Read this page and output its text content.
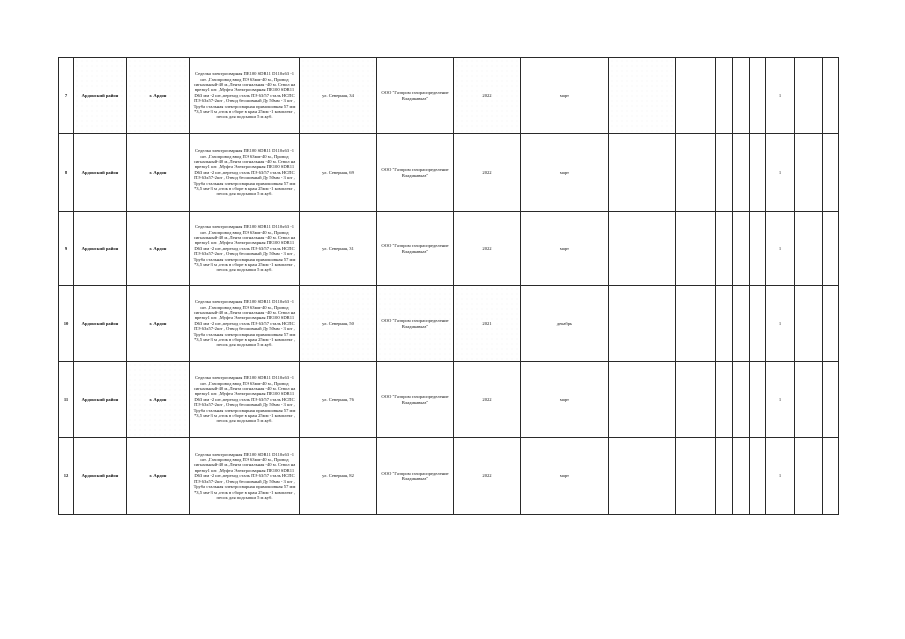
7	Ардонский район	г. Ардон	Седелка электросварная ПЕ100 SDR11 D110x63 -1 шт. ,Газопровод ввод ПЭ 63мм-40 м., Провод сигнальный-40 м.,Лента сигнальная -40 м. Ствол на врезку1 шт. ,Муфта Электросварная ПЕ100 SDR11 D63 мм -2 шт.,переход сталь ПЭ 63/57 сталь НСПС ПЭ 63x57-2шт , Отвод бесшовный Ду 50мм - 3 шт , Труба стальная электросварная прямошовная 57 мм *3,5 мм-3 м ,оток в сборе в кран 25мм -1 комплект , песок для подсыпки 5 м.куб.	ул. Северная, 34	ООО "Газпром газораспределение Владикавказ"	2022	март						1		
8	Ардонский район	г. Ардон	Седелка электросварная ПЕ100 SDR11 D110x63 -1 шт. ,Газопровод ввод ПЭ 63мм-40 м., Провод сигнальный-40 м.,Лента сигнальная -40 м. Ствол на врезку1 шт. ,Муфта Электросварная ПЕ100 SDR11 D63 мм -2 шт.,переход сталь ПЭ 63/57 сталь НСПС ПЭ 63x57-2шт , Отвод бесшовный Ду 50мм - 3 шт , Труба стальная электросварная прямошовная 57 мм *3,5 мм-3 м ,оток в сборе в кран 25мм -1 комплект , песок для подсыпки 5 м.куб.	ул. Северная, 69	ООО "Газпром газораспределение Владикавказ"	2022	март						1		
9	Ардонский район	г. Ардон	Седелка электросварная ПЕ100 SDR11 D110x63 -1 шт. ,Газопровод ввод ПЭ 63мм-40 м., Провод сигнальный-40 м.,Лента сигнальная -40 м. Ствол на врезку1 шт. ,Муфта Электросварная ПЕ100 SDR11 D63 мм -2 шт.,переход сталь ПЭ 63/57 сталь НСПС ПЭ 63x57-2шт , Отвод бесшовный Ду 50мм - 3 шт , Труба стальная электросварная прямошовная 57 мм *3,5 мм-3 м ,оток в сборе в кран 25мм -1 комплект , песок для подсыпки 5 м.куб.	ул. Северная, 31	ООО "Газпром газораспределение Владикавказ"	2022	март						1		
10	Ардонский район	г. Ардон	Седелка электросварная ПЕ100 SDR11 D110x63 -1 шт. ,Газопровод ввод ПЭ 63мм-40 м., Провод сигнальный-40 м.,Лента сигнальная -40 м. Ствол на врезку1 шт. ,Муфта Электросварная ПЕ100 SDR11 D63 мм -2 шт.,переход сталь ПЭ 63/57 сталь НСПС ПЭ 63x57-2шт , Отвод бесшовный Ду 50мм - 3 шт , Труба стальная электросварная прямошовная 57 мм *3,5 мм-3 м ,оток в сборе в кран 25мм -1 комплект , песок для подсыпки 5 м.куб.	ул. Северная, 50	ООО "Газпром газораспределение Владикавказ"	2021	декабрь						1		
11	Ардонский район	г. Ардон	Седелка электросварная ПЕ100 SDR11 D110x63 -1 шт. ,Газопровод ввод ПЭ 63мм-40 м., Провод сигнальный-40 м.,Лента сигнальная -40 м. Ствол на врезку1 шт. ,Муфта Электросварная ПЕ100 SDR11 D63 мм -2 шт.,переход сталь ПЭ 63/57 сталь НСПС ПЭ 63x57-2шт , Отвод бесшовный Ду 50мм - 3 шт , Труба стальная электросварная прямошовная 57 мм *3,5 мм-3 м ,оток в сборе в кран 25мм -1 комплект , песок для подсыпки 5 м.куб.	ул. Северная, 76	ООО "Газпром газораспределение Владикавказ"	2022	март						1		
12	Ардонский район	г. Ардон	Седелка электросварная ПЕ100 SDR11 D110x63 -1 шт. ,Газопровод ввод ПЭ 63мм-40 м., Провод сигнальный-40 м.,Лента сигнальная -40 м. Ствол на врезку1 шт. ,Муфта Электросварная ПЕ100 SDR11 D63 мм -2 шт.,переход сталь ПЭ 63/57 сталь НСПС ПЭ 63x57-2шт , Отвод бесшовный Ду 50мм - 3 шт , Труба стальная электросварная прямошовная 57 мм *3,5 мм-3 м ,оток в сборе в кран 25мм -1 комплект , песок для подсыпки 5 м.куб.	ул. Северная, 82	ООО "Газпром газораспределение Владикавказ"	2022	март						1		
